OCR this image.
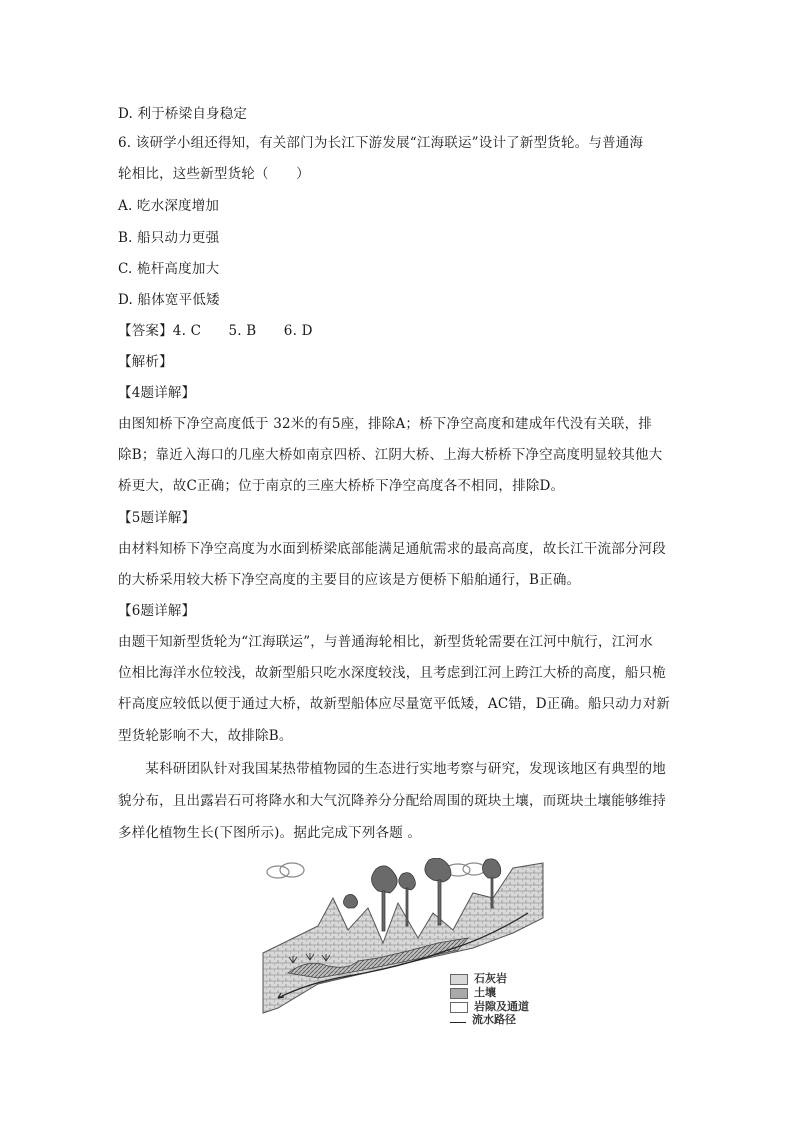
D. 利于桥梁自身稳定
6. 该研学小组还得知，有关部门为长江下游发展“江海联运”设计了新型货轮。与普通海
轮相比，这些新型货轮（　　）
A. 吃水深度增加
B. 船只动力更强
C. 桅杆高度加大
D. 船体宽平低矮
【答案】4. C　　5. B　　6. D
【解析】
【4题详解】
由图知桥下净空高度低于 32米的有5座，排除A；桥下净空高度和建成年代没有关联，排
除B；靠近入海口的几座大桥如南京四桥、江阴大桥、上海大桥桥下净空高度明显较其他大
桥更大，故C正确；位于南京的三座大桥桥下净空高度各不相同，排除D。
【5题详解】
由材料知桥下净空高度为水面到桥梁底部能满足通航需求的最高高度，故长江干流部分河段
的大桥采用较大桥下净空高度的主要目的应该是方便桥下船舶通行，B正确。
【6题详解】
由题干知新型货轮为“江海联运”，与普通海轮相比，新型货轮需要在江河中航行，江河水
位相比海洋水位较浅，故新型船只吃水深度较浅，且考虑到江河上跨江大桥的高度，船只桅
杆高度应较低以便于通过大桥，故新型船体应尽量宽平低矮，AC错，D正确。船只动力对新
型货轮影响不大，故排除B。
　　某科研团队针对我国某热带植物园的生态进行实地考察与研究，发现该地区有典型的地
貌分布，且出露岩石可将降水和大气沉降养分分配给周围的斑块土壤，而斑块土壤能够维持
多样化植物生长(下图所示)。据此完成下列各题 。
石灰岩
土壤
岩隙及通道
流水路径
